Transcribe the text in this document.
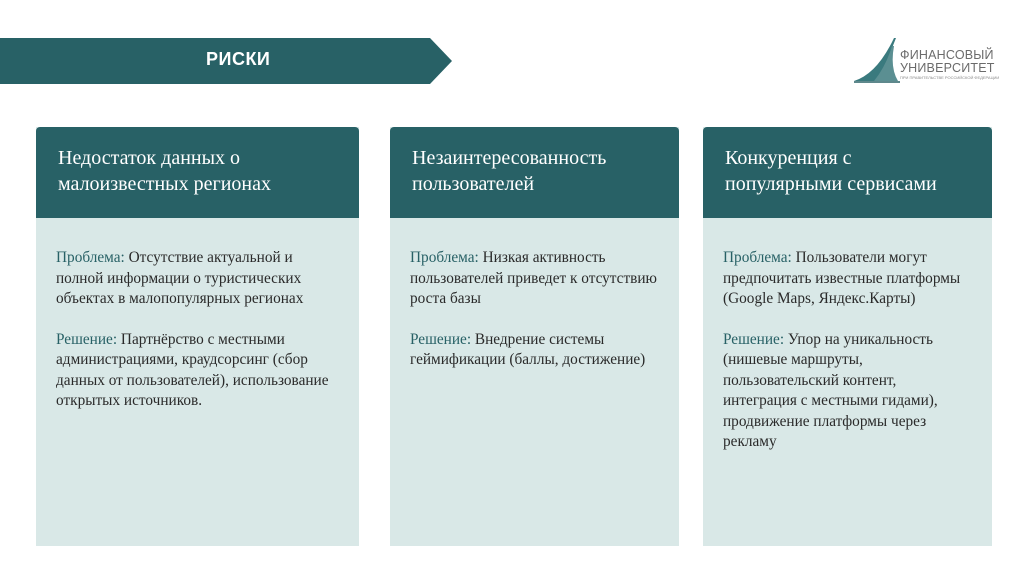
РИСКИ	ФИНАНСОВЫЙ
УНИВЕРСИТЕТ
ПРИ ПРАВИТЕЛЬСТВЕ РОССИЙСКОЙ ФЕДЕРАЦИИ
Недостаток данных о малоизвестных регионах

Проблема: Отсутствие актуальной и полной информации о туристических объектах в малопопулярных регионах

Решение: Партнёрство с местными администрациями, краудсорсинг (сбор данных от пользователей), использование открытых источников.

Незаинтересованность пользователей

Проблема: Низкая активность пользователей приведет к отсутствию роста базы

Решение: Внедрение системы геймификации (баллы, достижение)

Конкуренция с популярными сервисами

Проблема: Пользователи могут предпочитать известные платформы (Google Maps, Яндекс.Карты)

Решение: Упор на уникальность (нишевые маршруты, пользовательский контент, интеграция с местными гидами), продвижение платформы через рекламу
